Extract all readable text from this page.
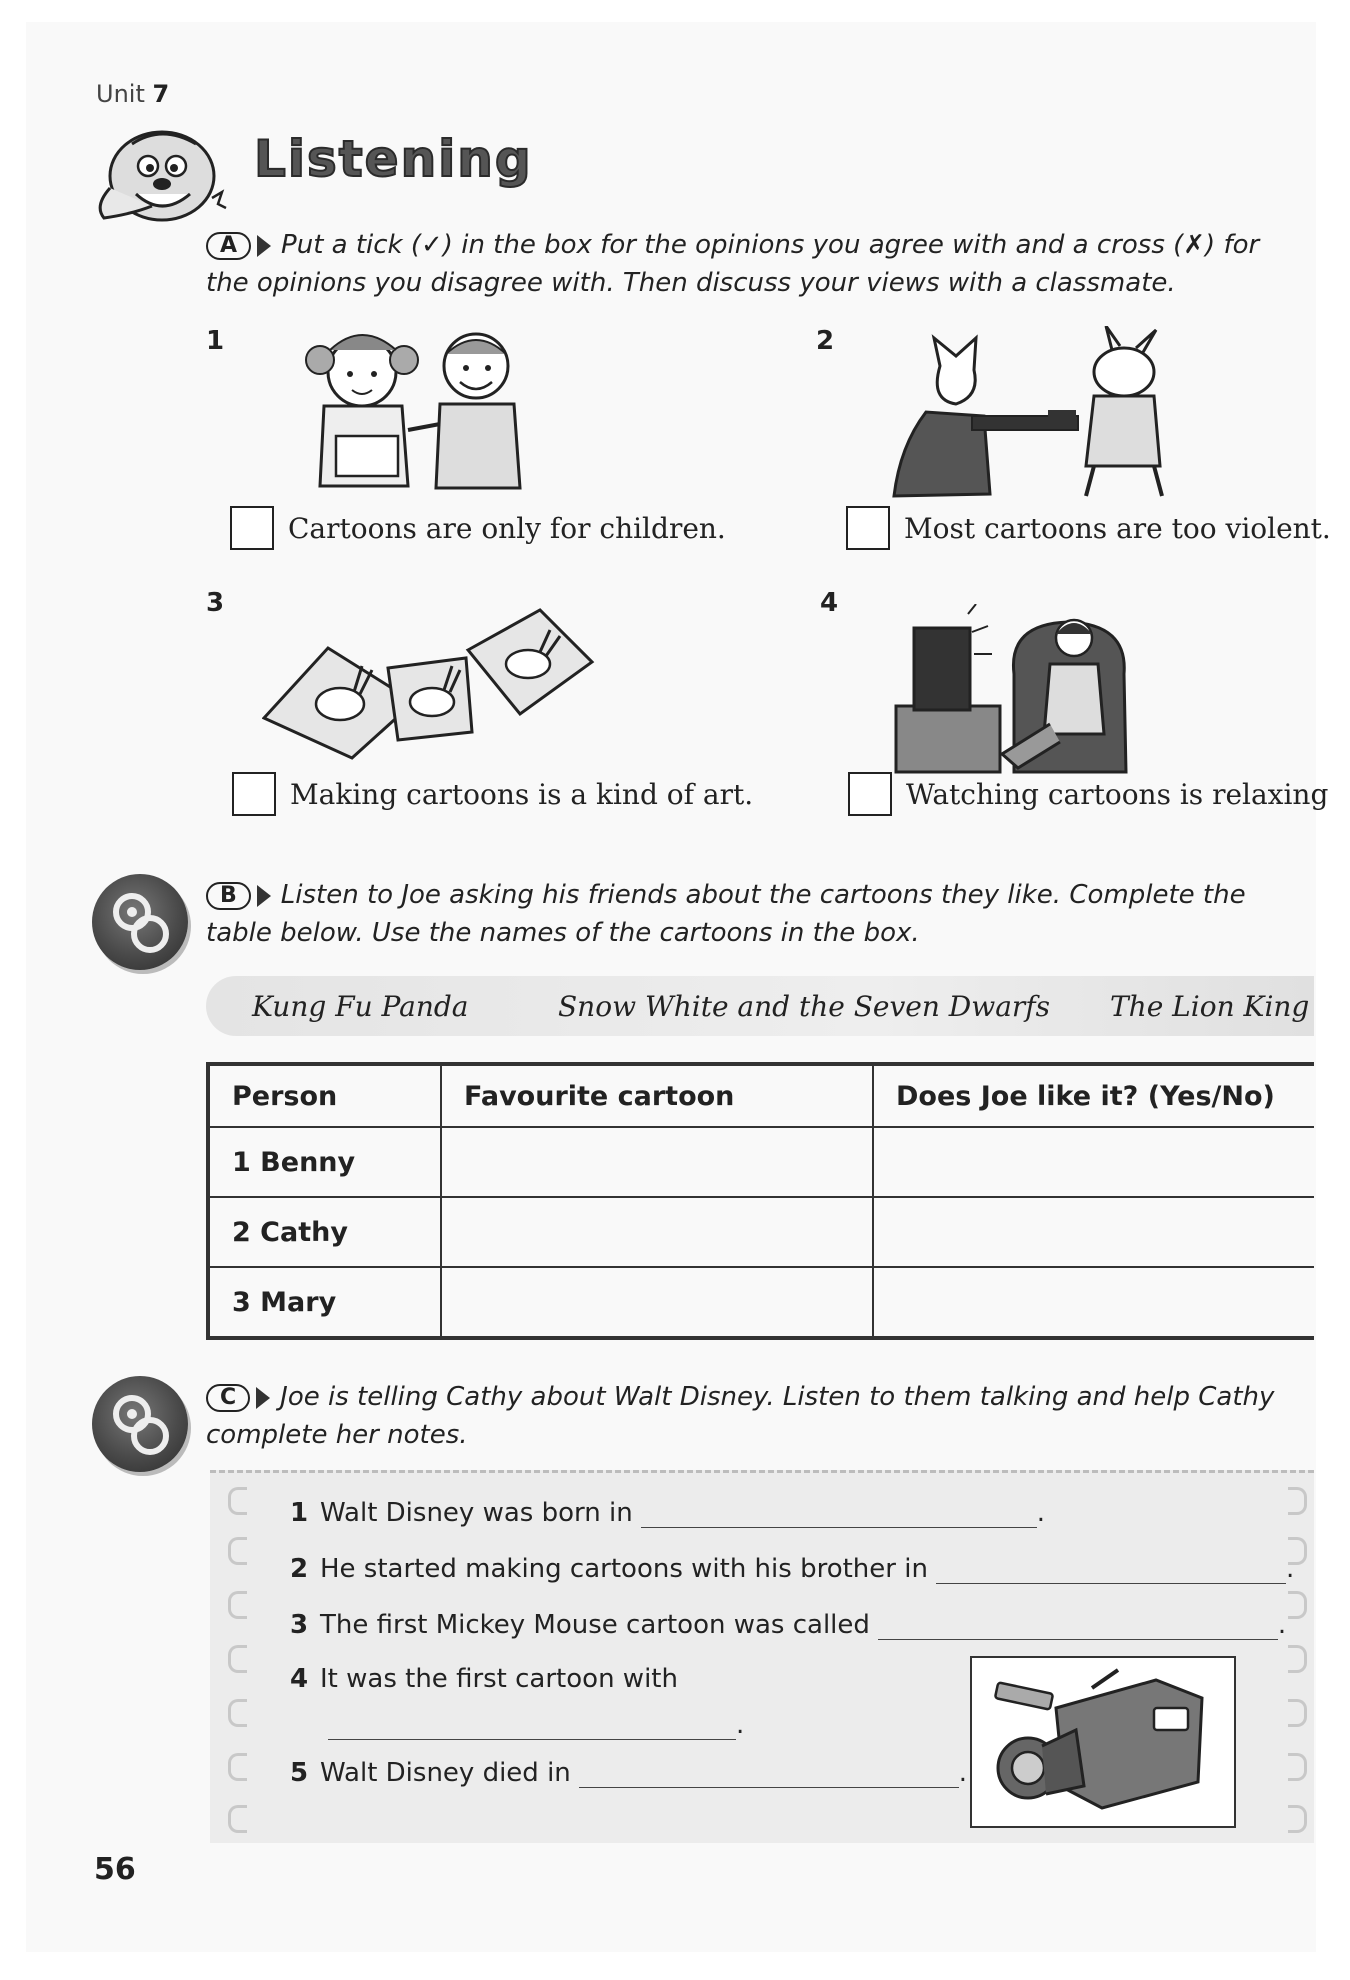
Unit 7
Listening
A	Put a tick (✓) in the box for the opinions you agree with and a cross (✗) for the opinions you disagree with. Then discuss your views with a classmate.
1
Cartoons are only for children.
2
Most cartoons are too violent.
3
Making cartoons is a kind of art.
4
Watching cartoons is relaxing
B	Listen to Joe asking his friends about the cartoons they like. Complete the table below. Use the names of the cartoons in the box.
Kung Fu Panda	Snow White and the Seven Dwarfs The Lion King
Person	Favourite cartoon	Does Joe like it? (Yes/No)
1 Benny		
2 Cathy		
3 Mary		
C	Joe is telling Cathy about Walt Disney. Listen to them talking and help Cathy complete her notes.
1 Walt Disney was born in	.
2 He started making cartoons with his brother in	.
3 The first Mickey Mouse cartoon was called	.
4 It was the first cartoon with
.
5 Walt Disney died in	.
56
